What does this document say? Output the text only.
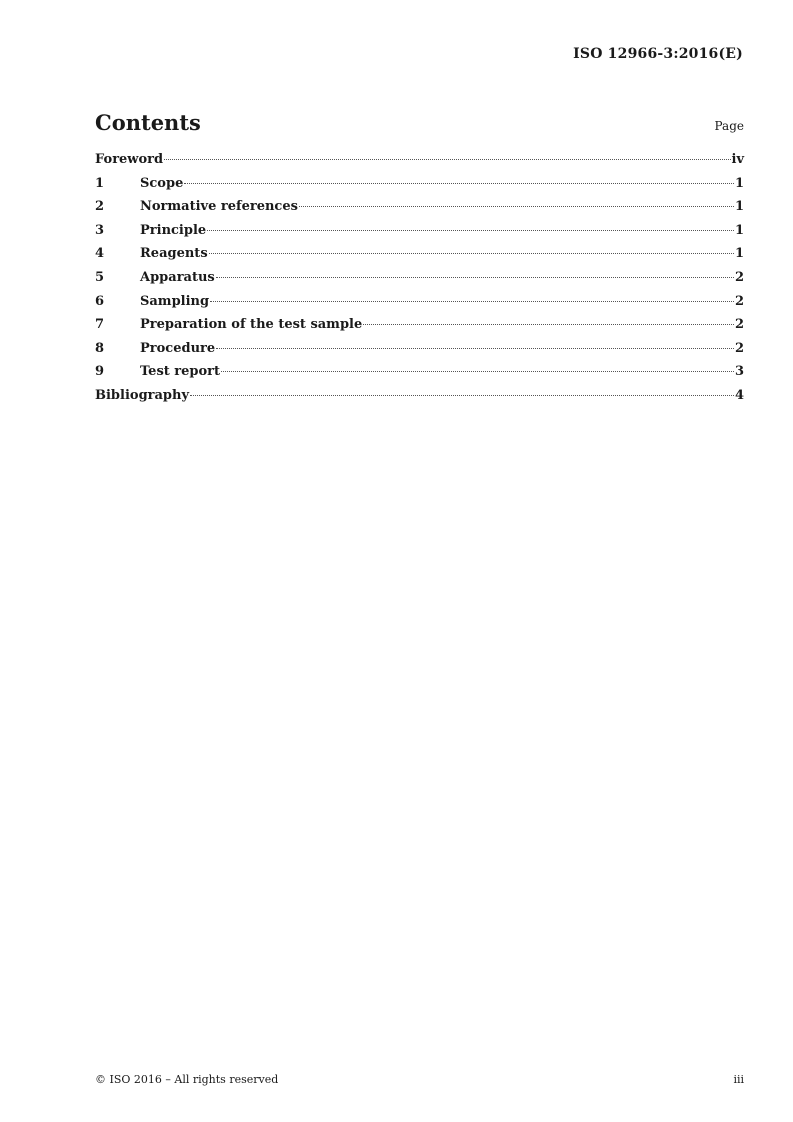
ISO 12966-3:2016(E)
Contents	Page
Foreword	iv
1	Scope	1
2	Normative references	1
3	Principle	1
4	Reagents	1
5	Apparatus	2
6	Sampling	2
7	Preparation of the test sample	2
8	Procedure	2
9	Test report	3
Bibliography	4
© ISO 2016 – All rights reserved	iii
